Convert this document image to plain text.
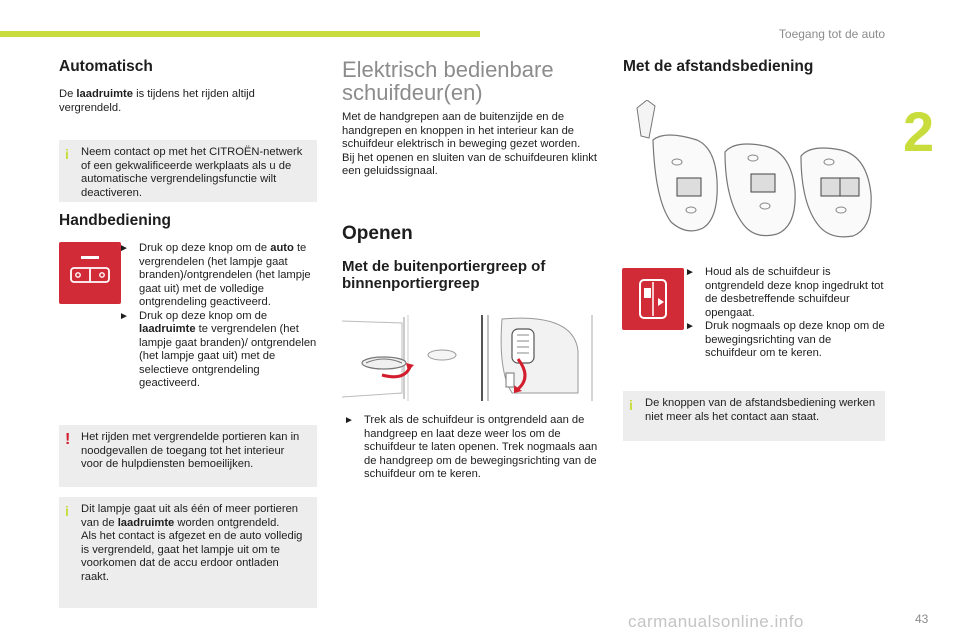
Toegang tot de auto
2
Automatisch

De laadruimte is tijdens het rijden altijd vergrendeld.

i Neem contact op met het CITROËN-netwerk of een gekwalificeerde werkplaats als u de automatische vergrendelingsfunctie wilt deactiveren.
Handbediening
► Druk op deze knop om de auto te vergrendelen (het lampje gaat branden)/ontgrendelen (het lampje gaat uit) met de volledige ontgrendeling geactiveerd.
► Druk op deze knop om de laadruimte te vergrendelen (het lampje gaat branden)/ ontgrendelen (het lampje gaat uit) met de selectieve ontgrendeling geactiveerd.
! Het rijden met vergrendelde portieren kan in noodgevallen de toegang tot het interieur voor de hulpdiensten bemoeilijken.
i Dit lampje gaat uit als één of meer portieren van de laadruimte worden ontgrendeld.
Als het contact is afgezet en de auto volledig is vergrendeld, gaat het lampje uit om te voorkomen dat de accu erdoor ontladen raakt.
Elektrisch bedienbare schuifdeur(en)

Met de handgrepen aan de buitenzijde en de handgrepen en knoppen in het interieur kan de schuifdeur elektrisch in beweging gezet worden.
Bij het openen en sluiten van de schuifdeuren klinkt een geluidssignaal.

Openen
Met de buitenportiergreep of binnenportiergreep
► Trek als de schuifdeur is ontgrendeld aan de handgreep en laat deze weer los om de schuifdeur te laten openen. Trek nogmaals aan de handgreep om de bewegingsrichting van de schuifdeur om te keren.
Met de afstandsbediening
► Houd als de schuifdeur is ontgrendeld deze knop ingedrukt tot de desbetreffende schuifdeur opengaat.
► Druk nogmaals op deze knop om de bewegingsrichting van de schuifdeur om te keren.
i De knoppen van de afstandsbediening werken niet meer als het contact aan staat.
carmanualsonline.info	43
